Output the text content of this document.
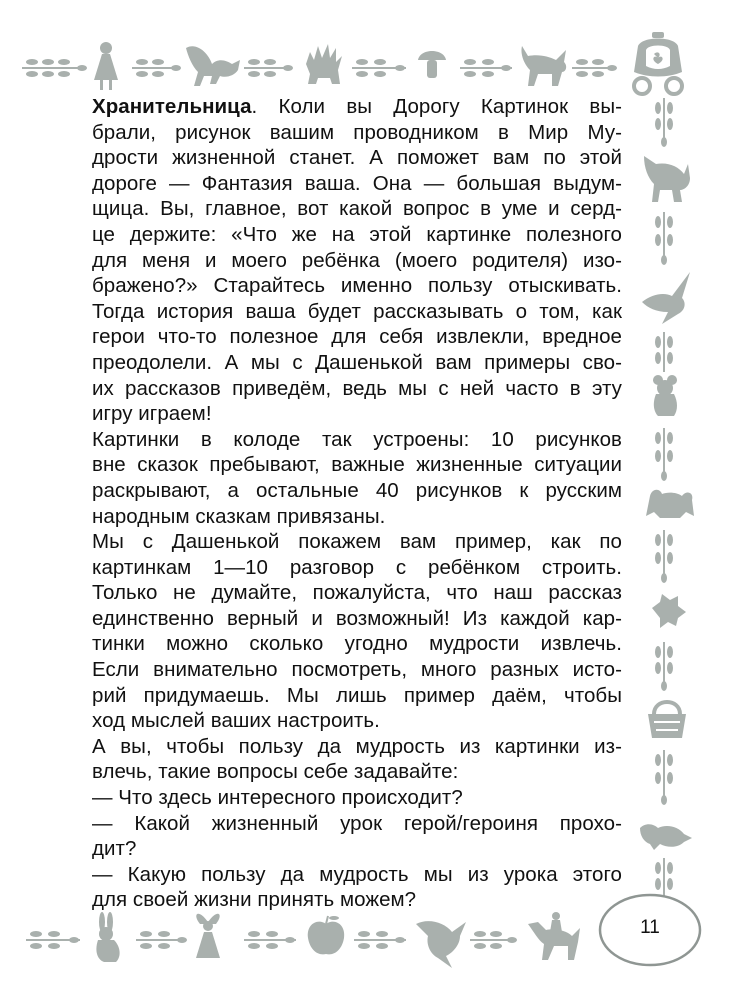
11
Хранительница. Коли вы Дорогу Картинок вы-
брали, рисунок вашим проводником в Мир Му-
дрости жизненной станет. А поможет вам по этой
дороге — Фантазия ваша. Она — большая выдум-
щица. Вы, главное, вот какой вопрос в уме и серд-
це держите: «Что же на этой картинке полезного
для меня и моего ребёнка (моего родителя) изо-
бражено?» Старайтесь именно пользу отыскивать.
Тогда история ваша будет рассказывать о том, как
герои что-то полезное для себя извлекли, вредное
преодолели. А мы с Дашенькой вам примеры сво-
их рассказов приведём, ведь мы с ней часто в эту
игру играем!
Картинки в колоде так устроены: 10 рисунков
вне сказок пребывают, важные жизненные ситуации
раскрывают, а остальные 40 рисунков к русским
народным сказкам привязаны.
Мы с Дашенькой покажем вам пример, как по
картинкам 1—10 разговор с ребёнком строить.
Только не думайте, пожалуйста, что наш рассказ
единственно верный и возможный! Из каждой кар-
тинки можно сколько угодно мудрости извлечь.
Если внимательно посмотреть, много разных исто-
рий придумаешь. Мы лишь пример даём, чтобы
ход мыслей ваших настроить.
А вы, чтобы пользу да мудрость из картинки из-
влечь, такие вопросы себе задавайте:
— Что здесь интересного происходит?
— Какой жизненный урок герой/героиня прохо-
дит?
— Какую пользу да мудрость мы из урока этого
для своей жизни принять можем?
